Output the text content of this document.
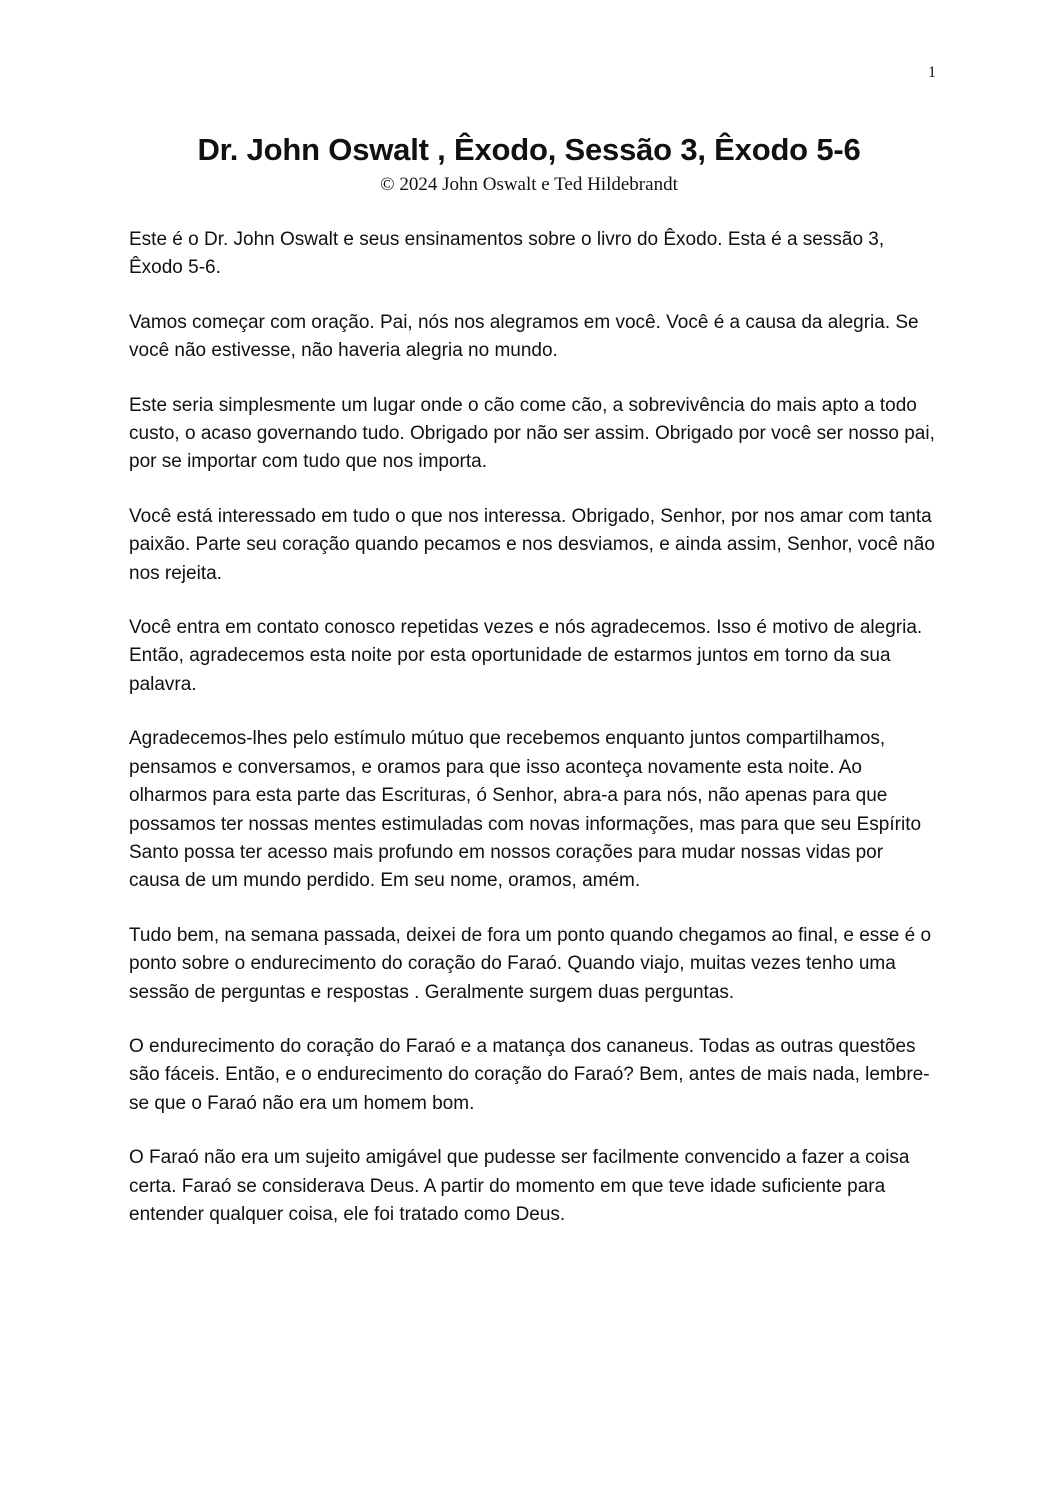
1
Dr. John Oswalt , Êxodo, Sessão 3, Êxodo 5-6
© 2024 John Oswalt e Ted Hildebrandt

Este é o Dr. John Oswalt e seus ensinamentos sobre o livro do Êxodo. Esta é a sessão 3, Êxodo 5-6.

Vamos começar com oração. Pai, nós nos alegramos em você. Você é a causa da alegria. Se você não estivesse, não haveria alegria no mundo.

Este seria simplesmente um lugar onde o cão come cão, a sobrevivência do mais apto a todo custo, o acaso governando tudo. Obrigado por não ser assim. Obrigado por você ser nosso pai, por se importar com tudo que nos importa.

Você está interessado em tudo o que nos interessa. Obrigado, Senhor, por nos amar com tanta paixão. Parte seu coração quando pecamos e nos desviamos, e ainda assim, Senhor, você não nos rejeita.

Você entra em contato conosco repetidas vezes e nós agradecemos. Isso é motivo de alegria. Então, agradecemos esta noite por esta oportunidade de estarmos juntos em torno da sua palavra.

Agradecemos-lhes pelo estímulo mútuo que recebemos enquanto juntos compartilhamos, pensamos e conversamos, e oramos para que isso aconteça novamente esta noite. Ao olharmos para esta parte das Escrituras, ó Senhor, abra-a para nós, não apenas para que possamos ter nossas mentes estimuladas com novas informações, mas para que seu Espírito Santo possa ter acesso mais profundo em nossos corações para mudar nossas vidas por causa de um mundo perdido. Em seu nome, oramos, amém.

Tudo bem, na semana passada, deixei de fora um ponto quando chegamos ao final, e esse é o ponto sobre o endurecimento do coração do Faraó. Quando viajo, muitas vezes tenho uma sessão de perguntas e respostas . Geralmente surgem duas perguntas.

O endurecimento do coração do Faraó e a matança dos cananeus. Todas as outras questões são fáceis. Então, e o endurecimento do coração do Faraó? Bem, antes de mais nada, lembre-se que o Faraó não era um homem bom.

O Faraó não era um sujeito amigável que pudesse ser facilmente convencido a fazer a coisa certa. Faraó se considerava Deus. A partir do momento em que teve idade suficiente para entender qualquer coisa, ele foi tratado como Deus.
